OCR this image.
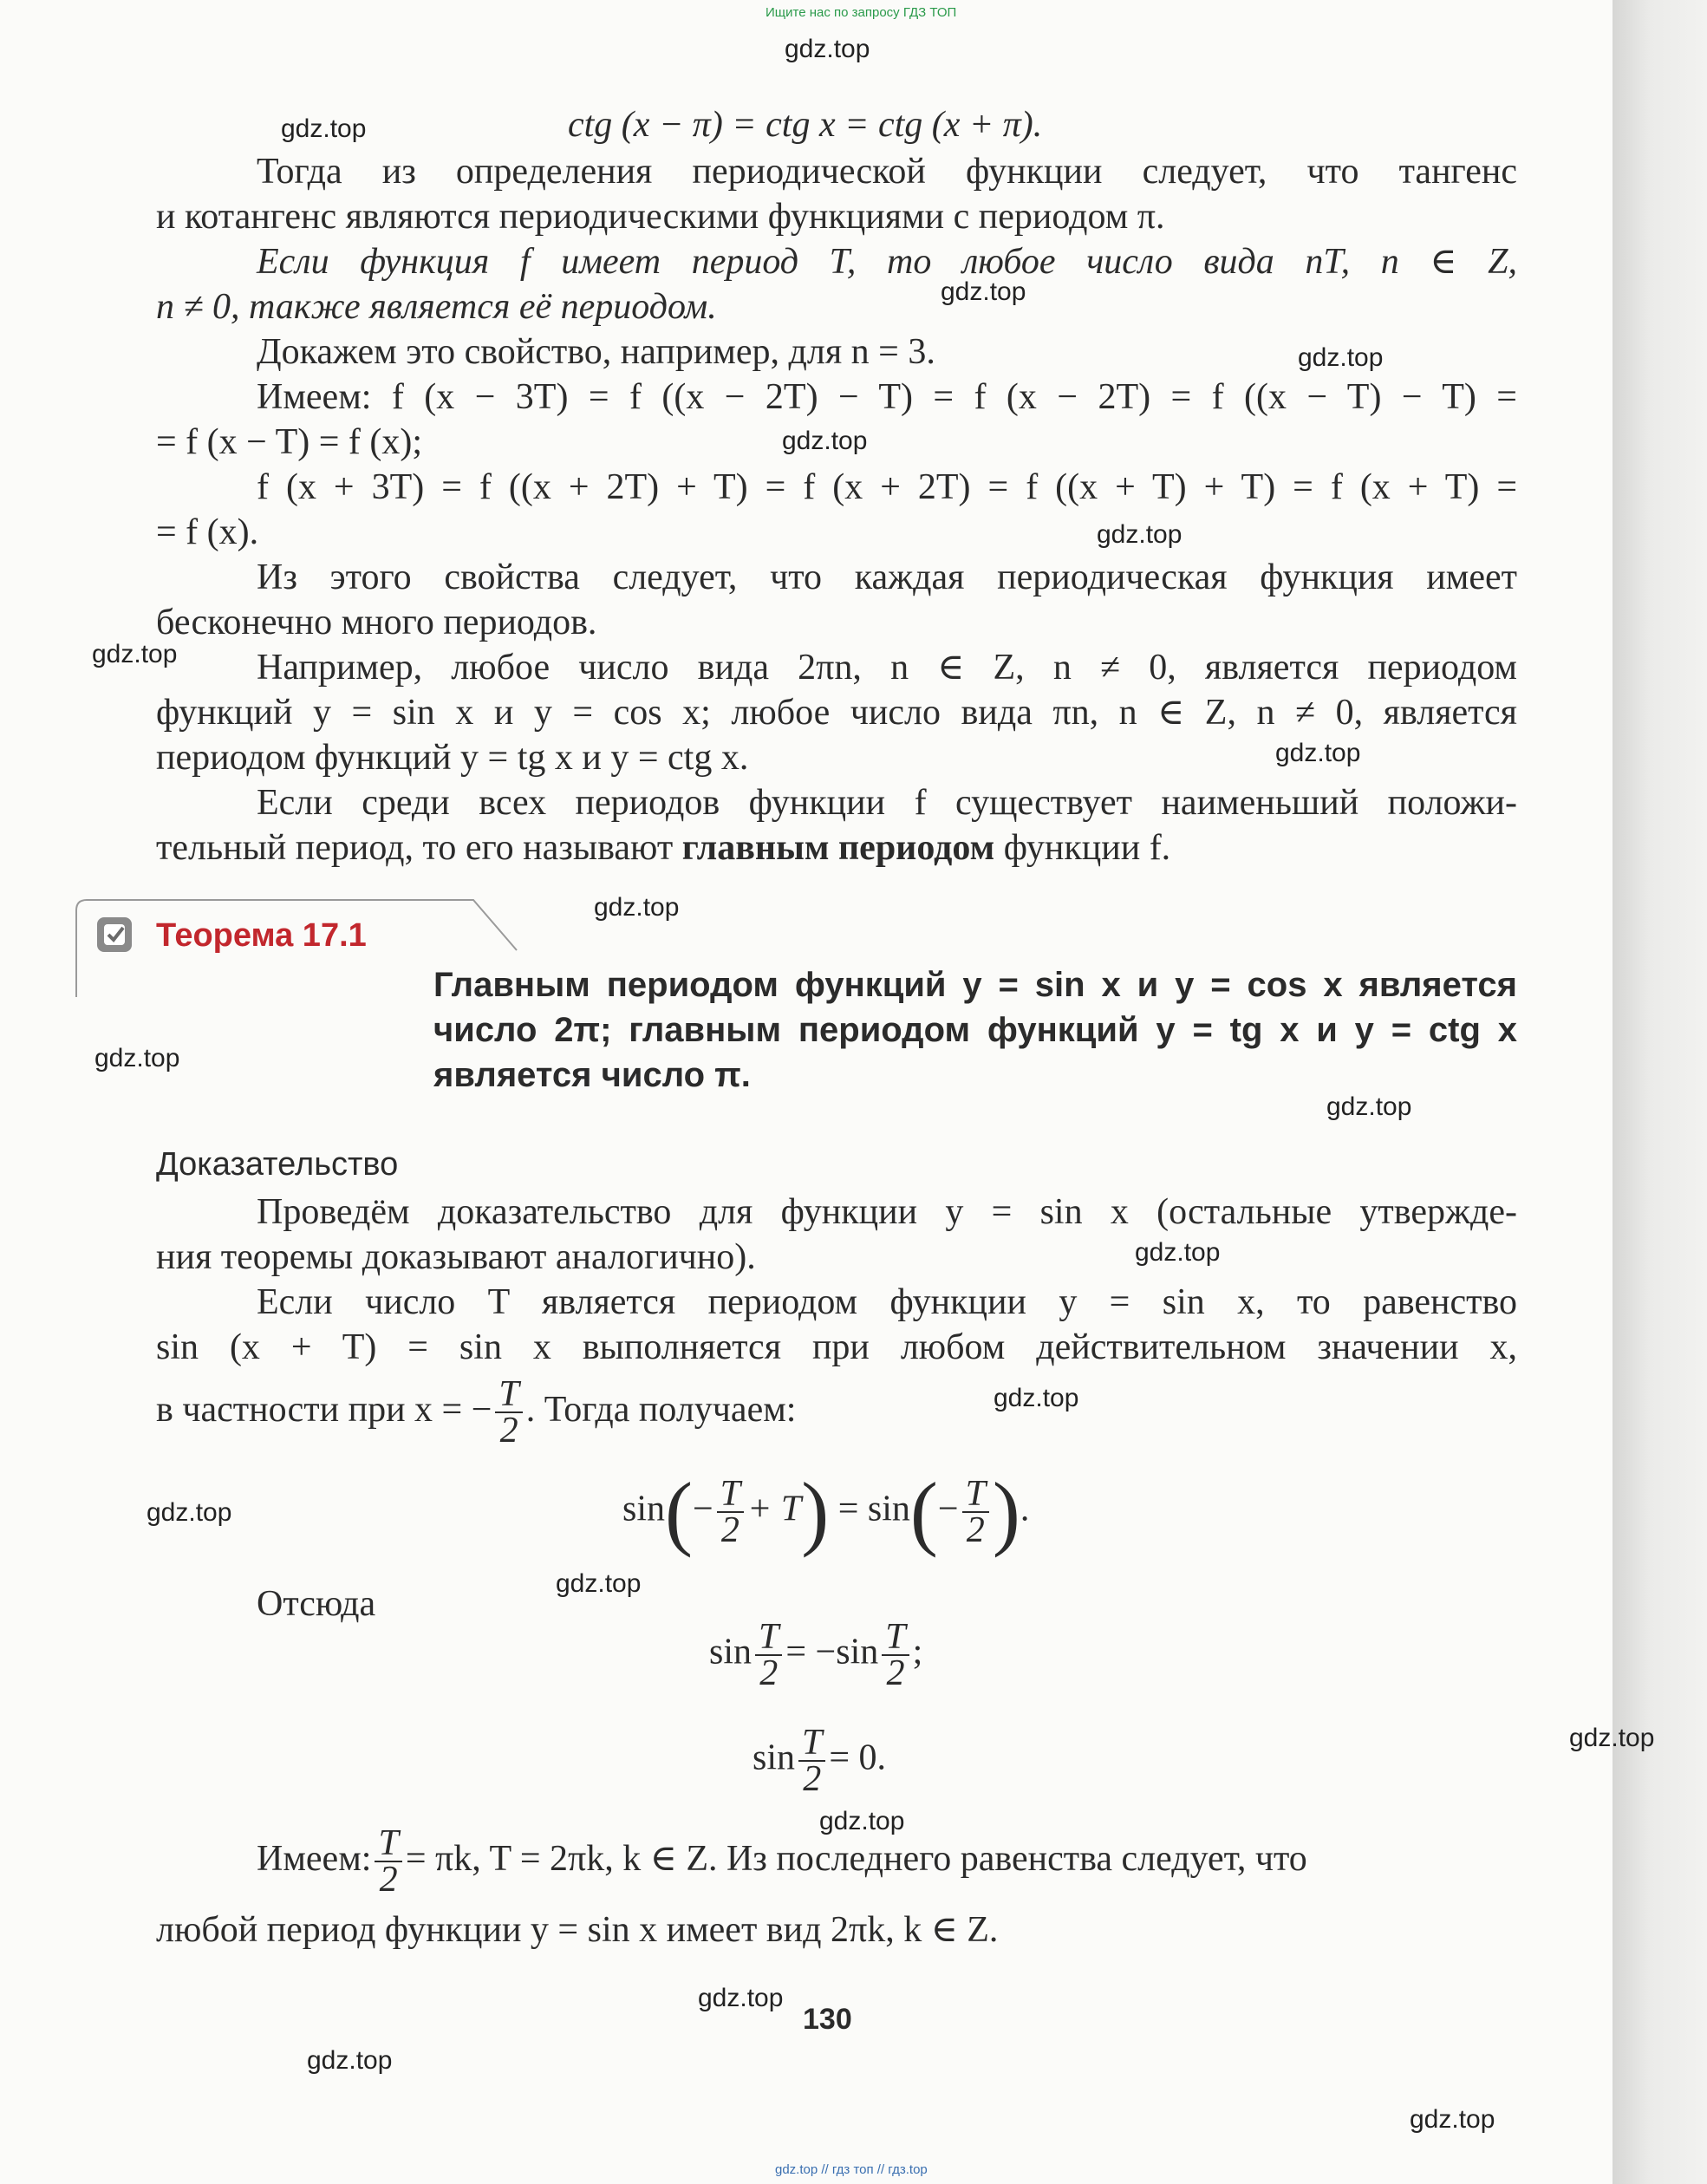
Ищите нас по запросу ГДЗ ТОП
ctg (x − π) = ctg x = ctg (x + π).
Тогда из определения периодической функции следует, что тангенс
и котангенс являются периодическими функциями с периодом π.
Если функция f имеет период T, то любое число вида nT, n ∈ Z,
n ≠ 0, также является её периодом.
Докажем это свойство, например, для n = 3.
Имеем: f (x − 3T) = f ((x − 2T) − T) = f (x − 2T) = f ((x − T) − T) =
= f (x − T) = f (x);
f (x + 3T) = f ((x + 2T) + T) = f (x + 2T) = f ((x + T) + T) = f (x + T) =
= f (x).
Из этого свойства следует, что каждая периодическая функция имеет
бесконечно много периодов.
Например, любое число вида 2πn, n ∈ Z, n ≠ 0, является периодом
функций y = sin x и y = cos x; любое число вида πn, n ∈ Z, n ≠ 0, является
периодом функций y = tg x и y = ctg x.
Если среди всех периодов функции f существует наименьший положи-
тельный период, то его называют главным периодом функции f.
Теорема 17.1
Главным периодом функций y = sin x и y = cos x является
число 2π; главным периодом функций y = tg x и y = ctg x
является число π.
Доказательство
Проведём доказательство для функции y = sin x (остальные утвержде-
ния теоремы доказывают аналогично).
Если число T является периодом функции y = sin x, то равенство
sin (x + T) = sin x выполняется при любом действительном значении x,
в частности при x = − $\frac{T}{2}$ . Тогда получаем:
$\sin(- \frac{T}{2} + T) = \sin(- \frac{T}{2}$ ).
Отсюда
$\sin \frac{T}{2} = -\sin \frac{T}{2}$ ;
$\sin \frac{T}{2} = 0$.
Имеем: $\frac{T}{2} = \pi k$, T = 2πk, k ∈ Z. Из последнего равенства следует, что
любой период функции y = sin x имеет вид 2πk, k ∈ Z.
130
gdz.top
gdz.top
gdz.top
gdz.top
gdz.top
gdz.top
gdz.top
gdz.top
gdz.top
gdz.top
gdz.top
gdz.top
gdz.top
gdz.top
gdz.top
gdz.top
gdz.top
gdz.top
gdz.top
gdz.top
gdz.top // гдз топ // гдз.top
